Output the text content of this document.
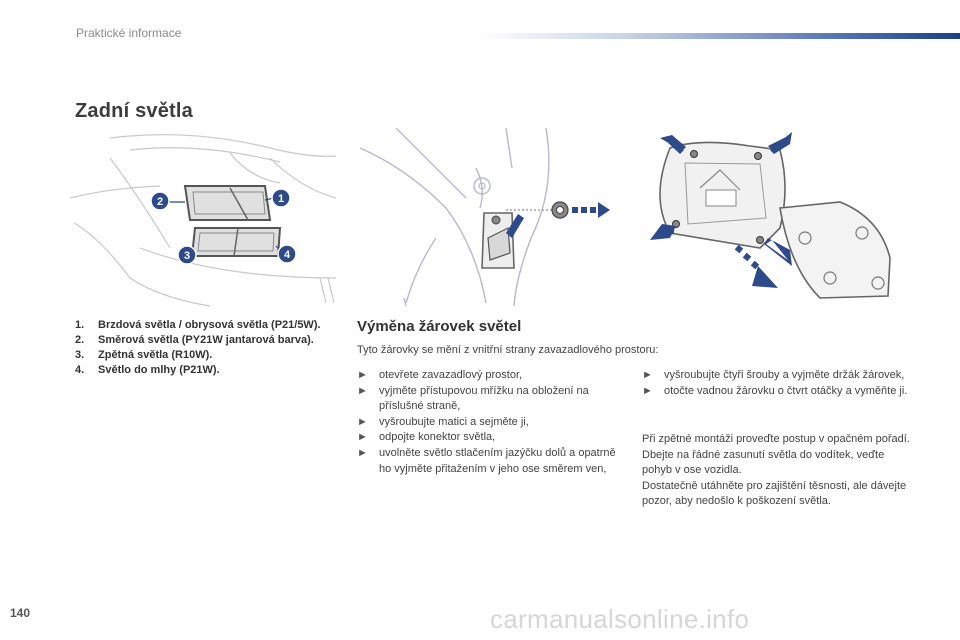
Praktické informace
Zadní světla
1
2
3	4
1. Brzdová světla / obrysová světla (P21/5W).
2. Směrová světla (PY21W jantarová barva).
3. Zpětná světla (R10W).
4. Světlo do mlhy (P21W).
Výměna žárovek světel
Tyto žárovky se mění z vnitřní strany zavazadlového prostoru:
► otevřete zavazadlový prostor,
► vyjměte přístupovou mřížku na obložení na příslušné straně,
► vyšroubujte matici a sejměte ji,
► odpojte konektor světla,
► uvolněte světlo stlačením jazýčku dolů a opatrně ho vyjměte přitažením v jeho ose směrem ven,
► vyšroubujte čtyři šrouby a vyjměte držák žárovek,
► otočte vadnou žárovku o čtvrt otáčky a vyměňte ji.

Při zpětné montáži proveďte postup v opačném pořadí.

Dbejte na řádné zasunutí světla do vodítek, veďte pohyb v ose vozidla.

Dostatečně utáhněte pro zajištění těsnosti, ale dávejte pozor, aby nedošlo k poškození světla.

140	carmanualsonline.info
